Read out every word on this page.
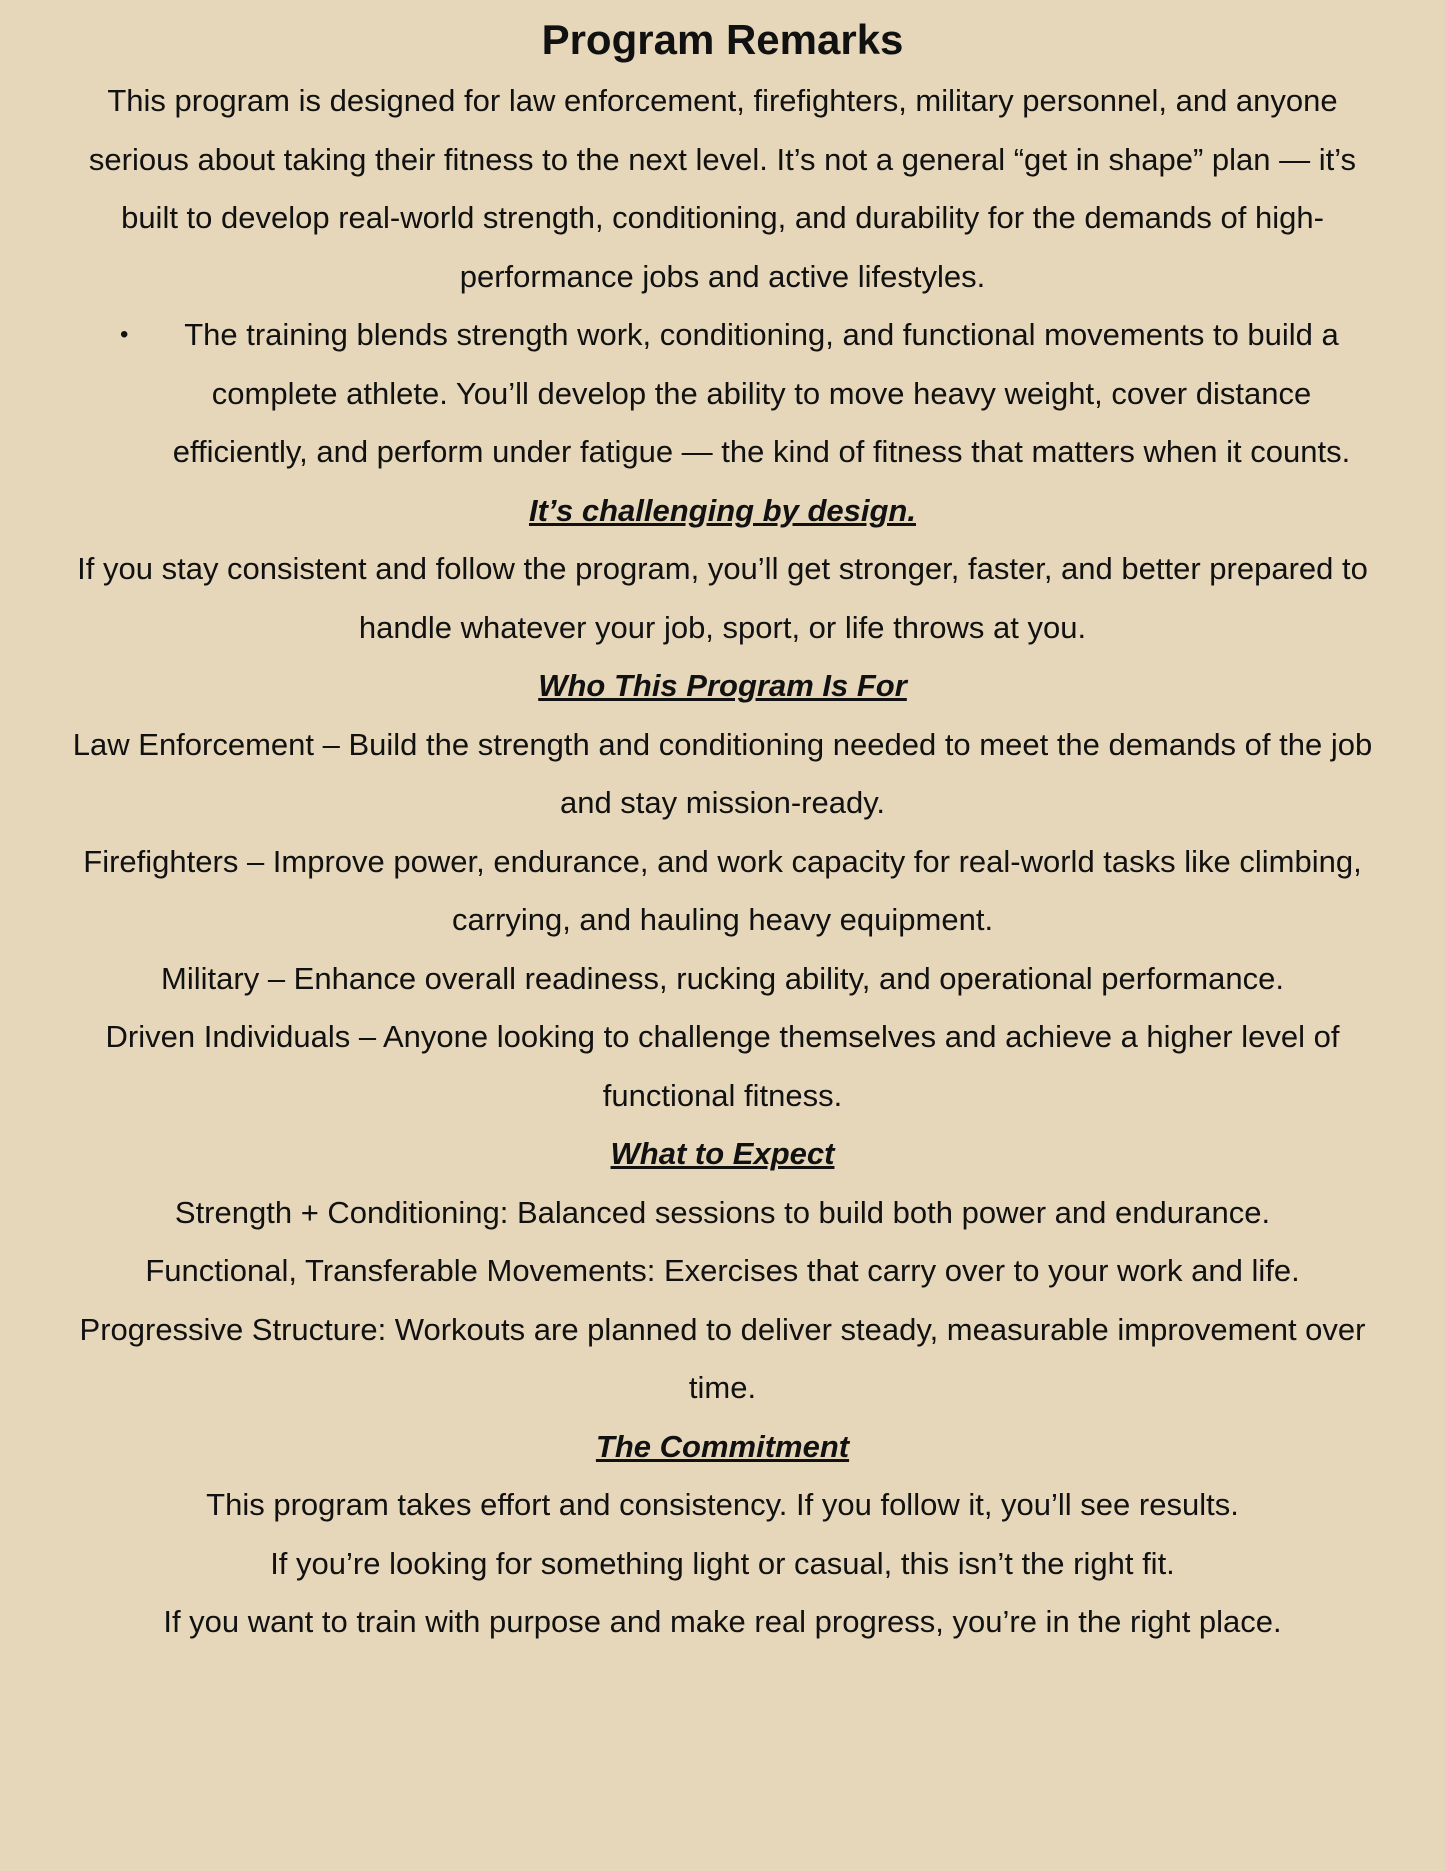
Program Remarks

This program is designed for law enforcement, firefighters, military personnel, and anyone serious about taking their fitness to the next level. It’s not a general “get in shape” plan — it’s built to develop real-world strength, conditioning, and durability for the demands of high-performance jobs and active lifestyles.

• The training blends strength work, conditioning, and functional movements to build a complete athlete. You’ll develop the ability to move heavy weight, cover distance efficiently, and perform under fatigue — the kind of fitness that matters when it counts.
It’s challenging by design.

If you stay consistent and follow the program, you’ll get stronger, faster, and better prepared to handle whatever your job, sport, or life throws at you.

Who This Program Is For

Law Enforcement – Build the strength and conditioning needed to meet the demands of the job and stay mission-ready.

Firefighters – Improve power, endurance, and work capacity for real-world tasks like climbing, carrying, and hauling heavy equipment.

Military – Enhance overall readiness, rucking ability, and operational performance.

Driven Individuals – Anyone looking to challenge themselves and achieve a higher level of functional fitness.

What to Expect

Strength + Conditioning: Balanced sessions to build both power and endurance.

Functional, Transferable Movements: Exercises that carry over to your work and life.

Progressive Structure: Workouts are planned to deliver steady, measurable improvement over time.

The Commitment

This program takes effort and consistency. If you follow it, you’ll see results.

If you’re looking for something light or casual, this isn’t the right fit.

If you want to train with purpose and make real progress, you’re in the right place.
